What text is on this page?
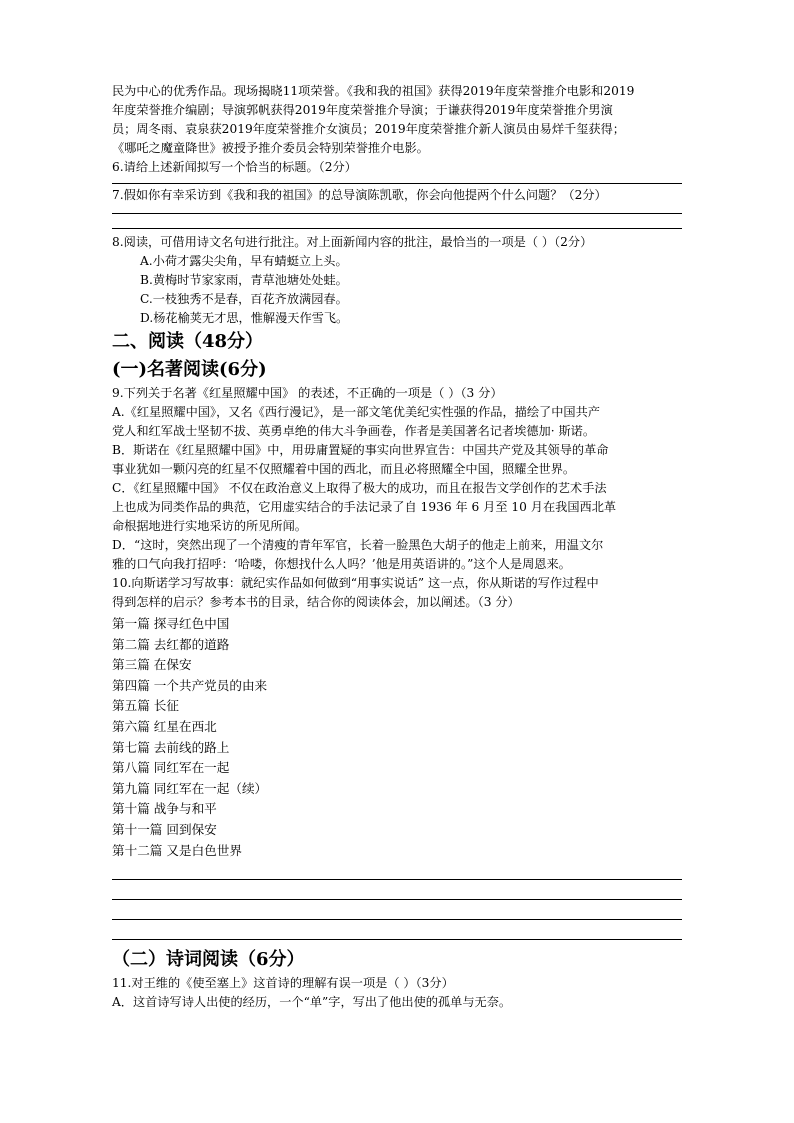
民为中心的优秀作品。现场揭晓11项荣誉。《我和我的祖国》获得2019年度荣誉推介电影和2019

年度荣誉推介编剧；导演郭帆获得2019年度荣誉推介导演；于谦获得2019年度荣誉推介男演

员；周冬雨、袁泉获2019年度荣誉推介女演员；2019年度荣誉推介新人演员由易烊千玺获得；

《哪吒之魔童降世》被授予推介委员会特别荣誉推介电影。

6.请给上述新闻拟写一个恰当的标题。（2分）

7.假如你有幸采访到《我和我的祖国》的总导演陈凯歌，你会向他提两个什么问题？（2分）

8.阅读，可借用诗文名句进行批注。对上面新闻内容的批注，最恰当的一项是（ ）（2分）

A.小荷才露尖尖角，早有蜻蜓立上头。

B.黄梅时节家家雨，青草池塘处处蛙。

C.一枝独秀不是春，百花齐放满园春。

D.杨花榆荚无才思，惟解漫天作雪飞。

二、阅读（48分）

(一)名著阅读(6分)

9.下列关于名著《红星照耀中国》 的表述，不正确的一项是（ ）（3 分）

A.《红星照耀中国》，又名《西行漫记》，是一部文笔优美纪实性强的作品，描绘了中国共产

党人和红军战士坚韧不拔、英勇卓绝的伟大斗争画卷，作者是美国著名记者埃德加· 斯诺。

B．斯诺在《红星照耀中国》中，用毋庸置疑的事实向世界宣告：中国共产党及其领导的革命

事业犹如一颗闪亮的红星不仅照耀着中国的西北，而且必将照耀全中国，照耀全世界。

C．《红星照耀中国》 不仅在政治意义上取得了极大的成功，而且在报告文学创作的艺术手法

上也成为同类作品的典范，它用虚实结合的手法记录了自 1936 年 6 月至 10 月在我国西北革

命根据地进行实地采访的所见所闻。

D．“这时，突然出现了一个清瘦的青年军官，长着一脸黑色大胡子的他走上前来，用温文尔

雅的口气向我打招呼：‘哈喽，你想找什么人吗？’他是用英语讲的。”这个人是周恩来。

10.向斯诺学习写故事：就纪实作品如何做到“用事实说话” 这一点，你从斯诺的写作过程中

得到怎样的启示？参考本书的目录，结合你的阅读体会，加以阐述。（3 分）

第一篇 探寻红色中国

第二篇 去红都的道路

第三篇 在保安

第四篇 一个共产党员的由来

第五篇 长征

第六篇 红星在西北

第七篇 去前线的路上

第八篇 同红军在一起

第九篇 同红军在一起（续）

第十篇 战争与和平

第十一篇 回到保安

第十二篇 又是白色世界

（二）诗词阅读（6分）

11.对王维的《使至塞上》这首诗的理解有误一项是（ ）（3分）

A．这首诗写诗人出使的经历，一个“单”字，写出了他出使的孤单与无奈。
